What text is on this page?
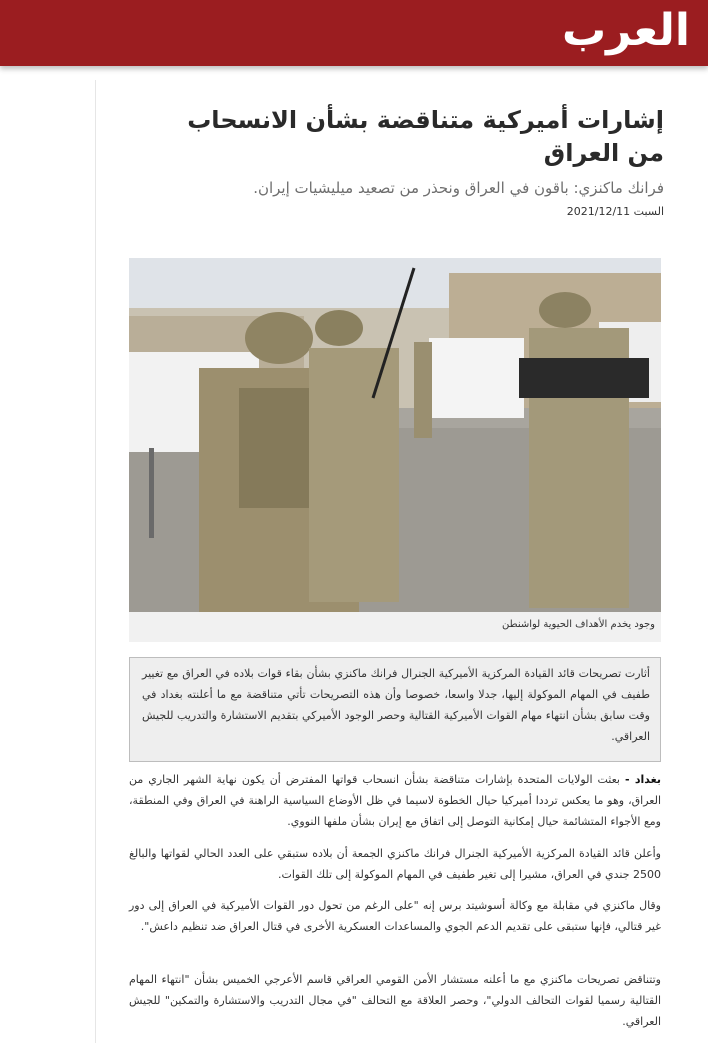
العرب
إشارات أميركية متناقضة بشأن الانسحاب من العراق
فرانك ماكنزي: باقون في العراق ونحذر من تصعيد ميليشيات إيران.
2021/12/11 السبت
وجود يخدم الأهداف الحيوية لواشنطن

أثارت تصريحات قائد القيادة المركزية الأميركية الجنرال فرانك ماكنزي بشأن بقاء قوات بلاده في العراق مع تغيير طفيف في المهام الموكولة إليها، جدلا واسعا، خصوصا وأن هذه التصريحات تأتي متناقضة مع ما أعلنته بغداد في وقت سابق بشأن انتهاء مهام القوات الأميركية القتالية وحصر الوجود الأميركي بتقديم الاستشارة والتدريب للجيش العراقي.

بغداد - بعثت الولايات المتحدة بإشارات متناقضة بشأن انسحاب قواتها المفترض أن يكون نهاية الشهر الجاري من العراق، وهو ما يعكس ترددا أميركيا حيال الخطوة لاسيما في ظل الأوضاع السياسية الراهنة في العراق وفي المنطقة، ومع الأجواء المتشائمة حيال إمكانية التوصل إلى اتفاق مع إيران بشأن ملفها النووي.
وأعلن قائد القيادة المركزية الأميركية الجنرال فرانك ماكنزي الجمعة أن بلاده ستبقي على العدد الحالي لقواتها والبالغ 2500 جندي في العراق، مشيرا إلى تغير طفيف في المهام الموكولة إلى تلك القوات.
وقال ماكنزي في مقابلة مع وكالة أسوشيتد برس إنه "على الرغم من تحول دور القوات الأميركية في العراق إلى دور غير قتالي، فإنها ستبقى على تقديم الدعم الجوي والمساعدات العسكرية الأخرى في قتال العراق ضد تنظيم داعش".
وتتناقض تصريحات ماكنزي مع ما أعلنه مستشار الأمن القومي العراقي قاسم الأعرجي الخميس بشأن "انتهاء المهام القتالية رسميا لقوات التحالف الدولي"، وحصر العلاقة مع التحالف "في مجال التدريب والاستشارة والتمكين" للجيش العراقي.
